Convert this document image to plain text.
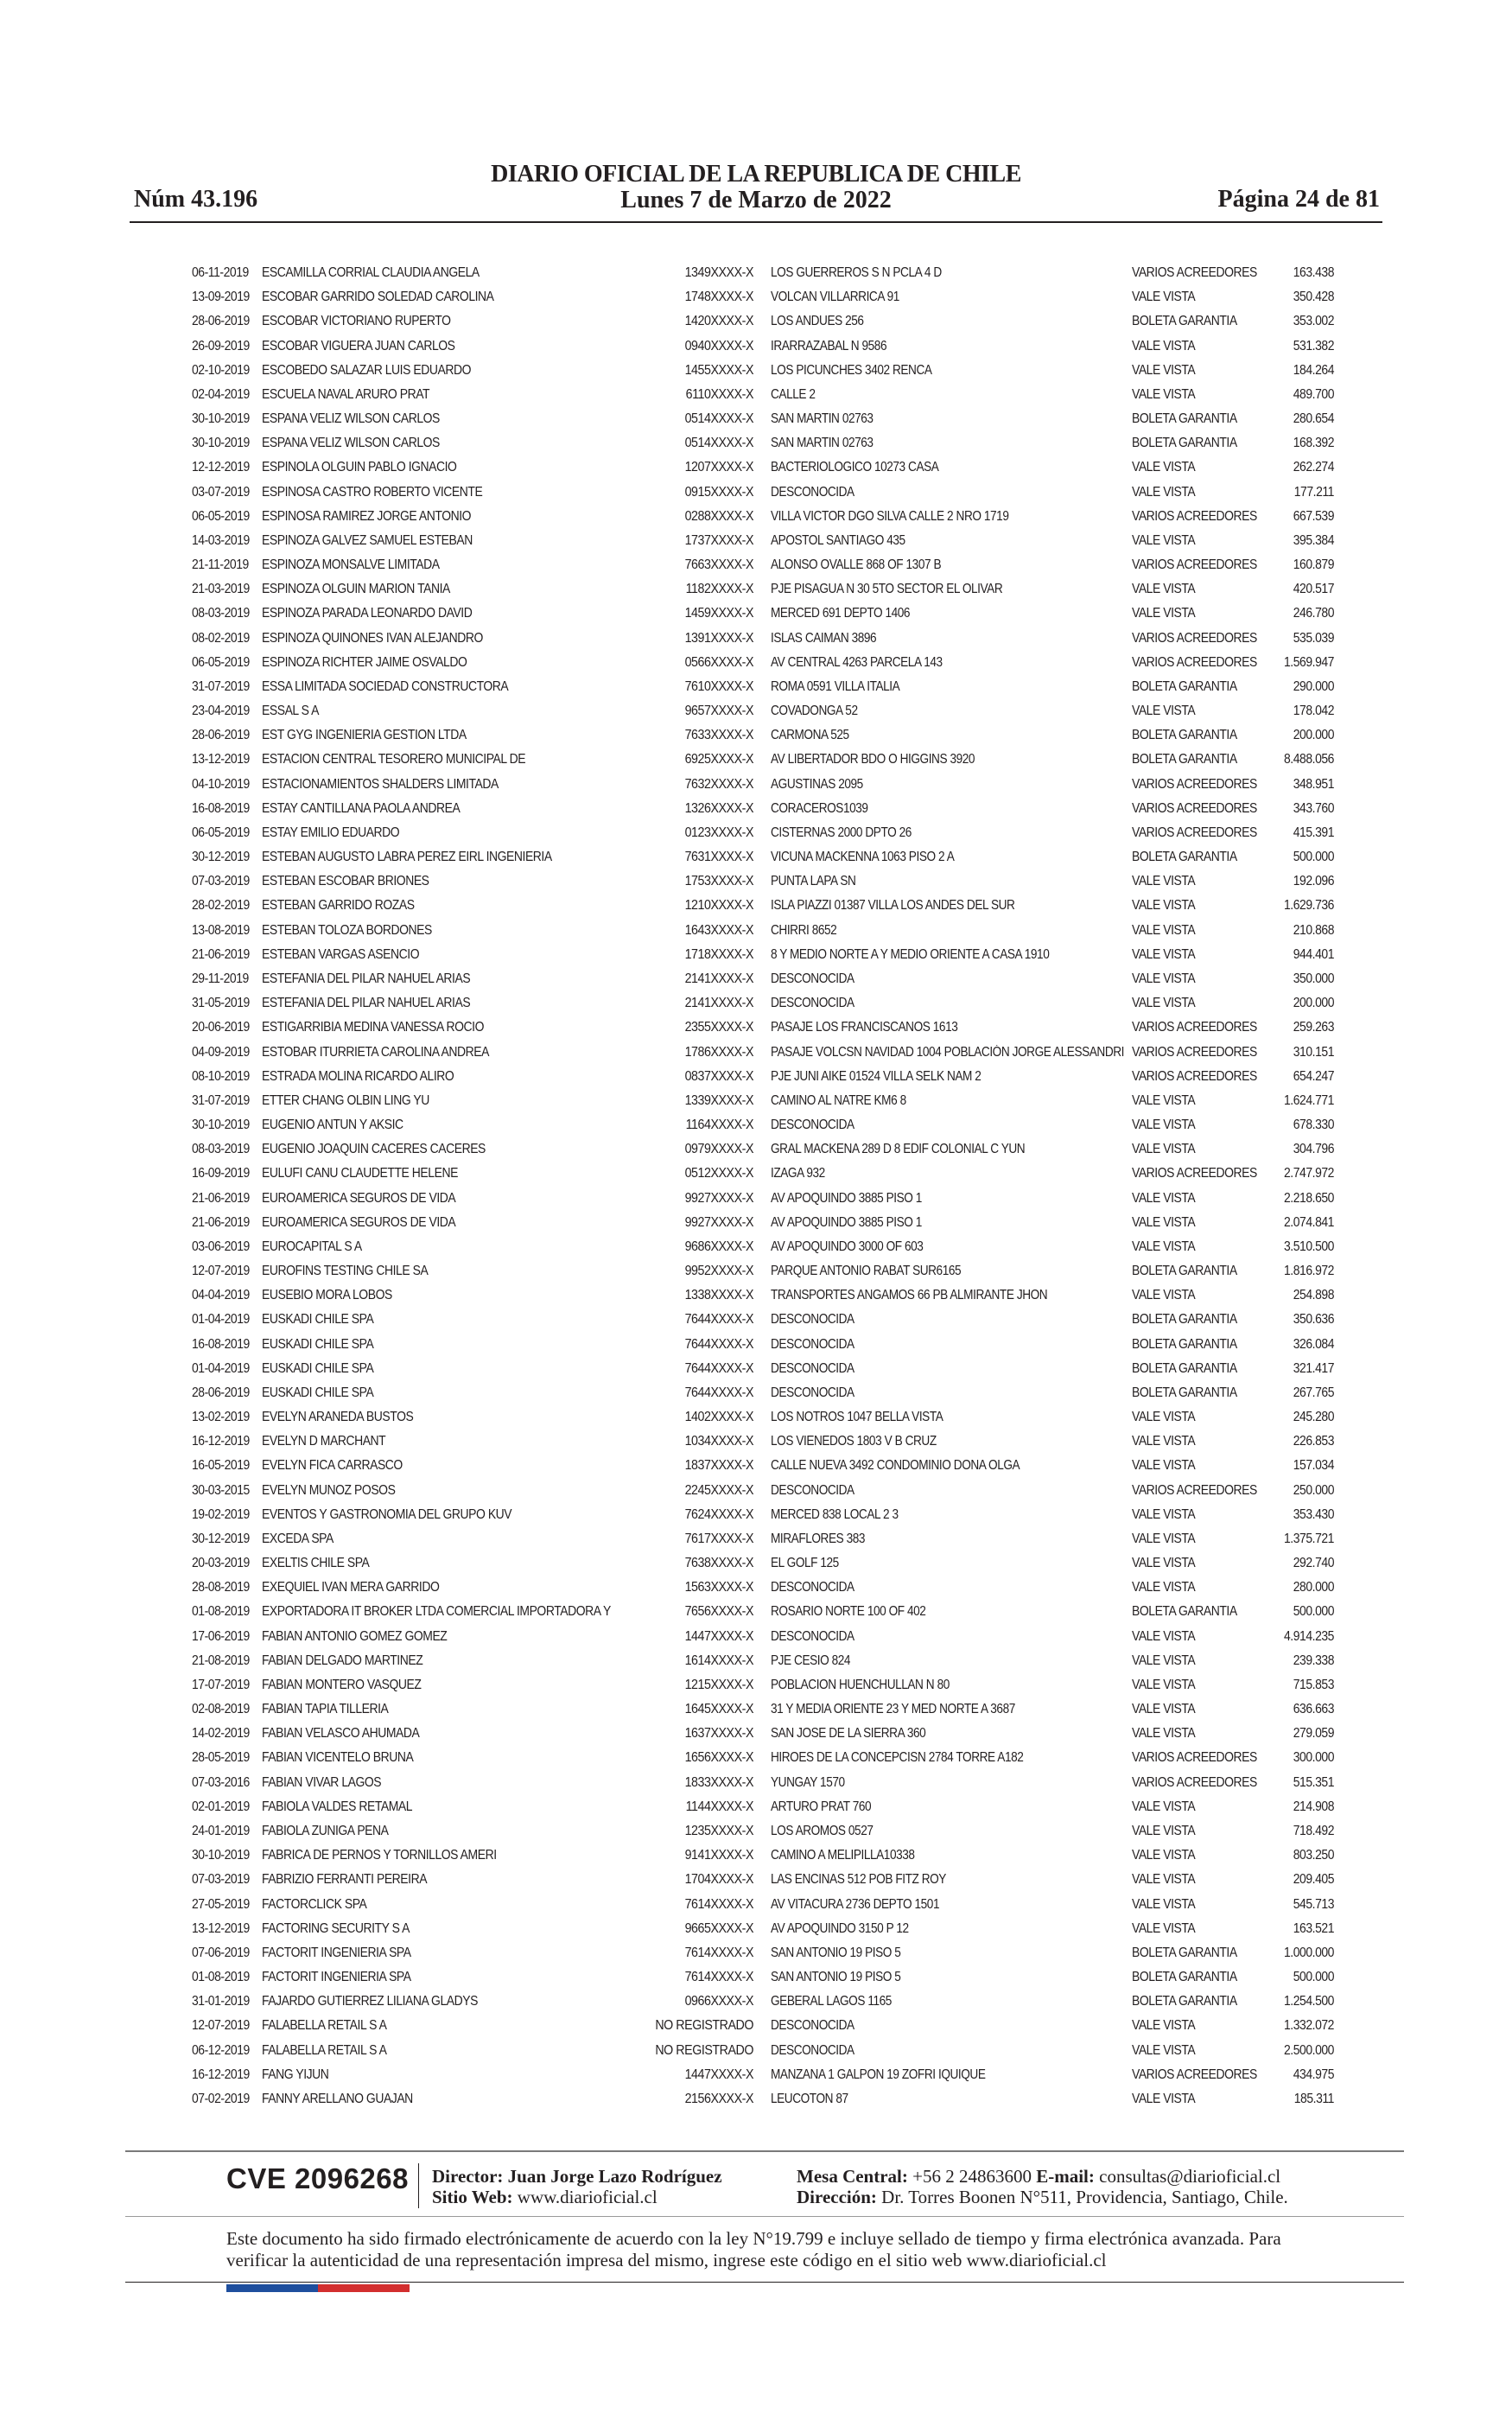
DIARIO OFICIAL DE LA REPUBLICA DE CHILE
Núm 43.196	Lunes 7 de Marzo de 2022	Página 24 de 81
06-11-2019 ESCAMILLA CORRIAL CLAUDIA ANGELA	1349XXXX-X LOS GUERREROS S N PCLA 4 D	VARIOS ACREEDORES	163.438
13-09-2019 ESCOBAR GARRIDO SOLEDAD CAROLINA	1748XXXX-X VOLCAN VILLARRICA 91	VALE VISTA	350.428
28-06-2019 ESCOBAR VICTORIANO RUPERTO	1420XXXX-X LOS ANDUES 256	BOLETA GARANTIA	353.002
26-09-2019 ESCOBAR VIGUERA JUAN CARLOS	0940XXXX-X IRARRAZABAL N 9586	VALE VISTA	531.382
02-10-2019 ESCOBEDO SALAZAR LUIS EDUARDO	1455XXXX-X LOS PICUNCHES 3402 RENCA	VALE VISTA	184.264
02-04-2019 ESCUELA NAVAL ARURO PRAT	6110XXXX-X CALLE 2	VALE VISTA	489.700
30-10-2019 ESPANA VELIZ WILSON CARLOS	0514XXXX-X SAN MARTIN 02763	BOLETA GARANTIA	280.654
30-10-2019 ESPANA VELIZ WILSON CARLOS	0514XXXX-X SAN MARTIN 02763	BOLETA GARANTIA	168.392
12-12-2019 ESPINOLA OLGUIN PABLO IGNACIO	1207XXXX-X BACTERIOLOGICO 10273 CASA	VALE VISTA	262.274
03-07-2019 ESPINOSA CASTRO ROBERTO VICENTE	0915XXXX-X DESCONOCIDA	VALE VISTA	177.211
06-05-2019 ESPINOSA RAMIREZ JORGE ANTONIO	0288XXXX-X VILLA VICTOR DGO SILVA CALLE 2 NRO 1719	VARIOS ACREEDORES	667.539
14-03-2019 ESPINOZA GALVEZ SAMUEL ESTEBAN	1737XXXX-X APOSTOL SANTIAGO 435	VALE VISTA	395.384
21-11-2019 ESPINOZA MONSALVE LIMITADA	7663XXXX-X ALONSO OVALLE 868 OF 1307 B	VARIOS ACREEDORES	160.879
21-03-2019 ESPINOZA OLGUIN MARION TANIA	1182XXXX-X PJE PISAGUA N 30 5TO SECTOR EL OLIVAR	VALE VISTA	420.517
08-03-2019 ESPINOZA PARADA LEONARDO DAVID	1459XXXX-X MERCED 691 DEPTO 1406	VALE VISTA	246.780
08-02-2019 ESPINOZA QUINONES IVAN ALEJANDRO	1391XXXX-X ISLAS CAIMAN 3896	VARIOS ACREEDORES	535.039
06-05-2019 ESPINOZA RICHTER JAIME OSVALDO	0566XXXX-X AV CENTRAL 4263 PARCELA 143	VARIOS ACREEDORES	1.569.947
31-07-2019 ESSA LIMITADA SOCIEDAD CONSTRUCTORA	7610XXXX-X ROMA 0591 VILLA ITALIA	BOLETA GARANTIA	290.000
23-04-2019 ESSAL S A	9657XXXX-X COVADONGA 52	VALE VISTA	178.042
28-06-2019 EST GYG INGENIERIA GESTION LTDA	7633XXXX-X CARMONA 525	BOLETA GARANTIA	200.000
13-12-2019 ESTACION CENTRAL TESORERO MUNICIPAL DE	6925XXXX-X AV LIBERTADOR BDO O HIGGINS 3920	BOLETA GARANTIA	8.488.056
04-10-2019 ESTACIONAMIENTOS SHALDERS LIMITADA	7632XXXX-X AGUSTINAS 2095	VARIOS ACREEDORES	348.951
16-08-2019 ESTAY CANTILLANA PAOLA ANDREA	1326XXXX-X CORACEROS1039	VARIOS ACREEDORES	343.760
06-05-2019 ESTAY EMILIO EDUARDO	0123XXXX-X CISTERNAS 2000 DPTO 26	VARIOS ACREEDORES	415.391
30-12-2019 ESTEBAN AUGUSTO LABRA PEREZ EIRL INGENIERIA	7631XXXX-X VICUNA MACKENNA 1063 PISO 2 A	BOLETA GARANTIA	500.000
07-03-2019 ESTEBAN ESCOBAR BRIONES	1753XXXX-X PUNTA LAPA SN	VALE VISTA	192.096
28-02-2019 ESTEBAN GARRIDO ROZAS	1210XXXX-X ISLA PIAZZI 01387 VILLA LOS ANDES DEL SUR	VALE VISTA	1.629.736
13-08-2019 ESTEBAN TOLOZA BORDONES	1643XXXX-X CHIRRI 8652	VALE VISTA	210.868
21-06-2019 ESTEBAN VARGAS ASENCIO	1718XXXX-X 8 Y MEDIO NORTE A Y MEDIO ORIENTE A CASA 1910	VALE VISTA	944.401
29-11-2019 ESTEFANIA DEL PILAR NAHUEL ARIAS	2141XXXX-X DESCONOCIDA	VALE VISTA	350.000
31-05-2019 ESTEFANIA DEL PILAR NAHUEL ARIAS	2141XXXX-X DESCONOCIDA	VALE VISTA	200.000
20-06-2019 ESTIGARRIBIA MEDINA VANESSA ROCIO	2355XXXX-X PASAJE LOS FRANCISCANOS 1613	VARIOS ACREEDORES	259.263
04-09-2019 ESTOBAR ITURRIETA CAROLINA ANDREA	1786XXXX-X PASAJE VOLCSN NAVIDAD 1004 POBLACIÓN JORGE ALESSANDRI VARIOS ACREEDORES	310.151
08-10-2019 ESTRADA MOLINA RICARDO ALIRO	0837XXXX-X PJE JUNI AIKE 01524 VILLA SELK NAM 2	VARIOS ACREEDORES	654.247
31-07-2019 ETTER CHANG OLBIN LING YU	1339XXXX-X CAMINO AL NATRE KM6 8	VALE VISTA	1.624.771
30-10-2019 EUGENIO ANTUN Y AKSIC	1164XXXX-X DESCONOCIDA	VALE VISTA	678.330
08-03-2019 EUGENIO JOAQUIN CACERES CACERES	0979XXXX-X GRAL MACKENA 289 D 8 EDIF COLONIAL C YUN	VALE VISTA	304.796
16-09-2019 EULUFI CANU CLAUDETTE HELENE	0512XXXX-X IZAGA 932	VARIOS ACREEDORES	2.747.972
21-06-2019 EUROAMERICA SEGUROS DE VIDA	9927XXXX-X AV APOQUINDO 3885 PISO 1	VALE VISTA	2.218.650
21-06-2019 EUROAMERICA SEGUROS DE VIDA	9927XXXX-X AV APOQUINDO 3885 PISO 1	VALE VISTA	2.074.841
03-06-2019 EUROCAPITAL S A	9686XXXX-X AV APOQUINDO 3000 OF 603	VALE VISTA	3.510.500
12-07-2019 EUROFINS TESTING CHILE SA	9952XXXX-X PARQUE ANTONIO RABAT SUR6165	BOLETA GARANTIA	1.816.972
04-04-2019 EUSEBIO MORA LOBOS	1338XXXX-X TRANSPORTES ANGAMOS 66 PB ALMIRANTE JHON	VALE VISTA	254.898
01-04-2019 EUSKADI CHILE SPA	7644XXXX-X DESCONOCIDA	BOLETA GARANTIA	350.636
16-08-2019 EUSKADI CHILE SPA	7644XXXX-X DESCONOCIDA	BOLETA GARANTIA	326.084
01-04-2019 EUSKADI CHILE SPA	7644XXXX-X DESCONOCIDA	BOLETA GARANTIA	321.417
28-06-2019 EUSKADI CHILE SPA	7644XXXX-X DESCONOCIDA	BOLETA GARANTIA	267.765
13-02-2019 EVELYN ARANEDA BUSTOS	1402XXXX-X LOS NOTROS 1047 BELLA VISTA	VALE VISTA	245.280
16-12-2019 EVELYN D MARCHANT	1034XXXX-X LOS VIENEDOS 1803 V B CRUZ	VALE VISTA	226.853
16-05-2019 EVELYN FICA CARRASCO	1837XXXX-X CALLE NUEVA 3492 CONDOMINIO DONA OLGA	VALE VISTA	157.034
30-03-2015 EVELYN MUNOZ POSOS	2245XXXX-X DESCONOCIDA	VARIOS ACREEDORES	250.000
19-02-2019 EVENTOS Y GASTRONOMIA DEL GRUPO KUV	7624XXXX-X MERCED 838 LOCAL 2 3	VALE VISTA	353.430
30-12-2019 EXCEDA SPA	7617XXXX-X MIRAFLORES 383	VALE VISTA	1.375.721
20-03-2019 EXELTIS CHILE SPA	7638XXXX-X EL GOLF 125	VALE VISTA	292.740
28-08-2019 EXEQUIEL IVAN MERA GARRIDO	1563XXXX-X DESCONOCIDA	VALE VISTA	280.000
01-08-2019 EXPORTADORA IT BROKER LTDA COMERCIAL IMPORTADORA Y	7656XXXX-X ROSARIO NORTE 100 OF 402	BOLETA GARANTIA	500.000
17-06-2019 FABIAN ANTONIO GOMEZ GOMEZ	1447XXXX-X DESCONOCIDA	VALE VISTA	4.914.235
21-08-2019 FABIAN DELGADO MARTINEZ	1614XXXX-X PJE CESIO 824	VALE VISTA	239.338
17-07-2019 FABIAN MONTERO VASQUEZ	1215XXXX-X POBLACION HUENCHULLAN N 80	VALE VISTA	715.853
02-08-2019 FABIAN TAPIA TILLERIA	1645XXXX-X 31 Y MEDIA ORIENTE 23 Y MED NORTE A 3687	VALE VISTA	636.663
14-02-2019 FABIAN VELASCO AHUMADA	1637XXXX-X SAN JOSE DE LA SIERRA 360	VALE VISTA	279.059
28-05-2019 FABIAN VICENTELO BRUNA	1656XXXX-X HIROES DE LA CONCEPCISN 2784 TORRE A182	VARIOS ACREEDORES	300.000
07-03-2016 FABIAN VIVAR LAGOS	1833XXXX-X YUNGAY 1570	VARIOS ACREEDORES	515.351
02-01-2019 FABIOLA VALDES RETAMAL	1144XXXX-X ARTURO PRAT 760	VALE VISTA	214.908
24-01-2019 FABIOLA ZUNIGA PENA	1235XXXX-X LOS AROMOS 0527	VALE VISTA	718.492
30-10-2019 FABRICA DE PERNOS Y TORNILLOS AMERI	9141XXXX-X CAMINO A MELIPILLA10338	VALE VISTA	803.250
07-03-2019 FABRIZIO FERRANTI PEREIRA	1704XXXX-X LAS ENCINAS 512 POB FITZ ROY	VALE VISTA	209.405
27-05-2019 FACTORCLICK SPA	7614XXXX-X AV VITACURA 2736 DEPTO 1501	VALE VISTA	545.713
13-12-2019 FACTORING SECURITY S A	9665XXXX-X AV APOQUINDO 3150 P 12	VALE VISTA	163.521
07-06-2019 FACTORIT INGENIERIA SPA	7614XXXX-X SAN ANTONIO 19 PISO 5	BOLETA GARANTIA	1.000.000
01-08-2019 FACTORIT INGENIERIA SPA	7614XXXX-X SAN ANTONIO 19 PISO 5	BOLETA GARANTIA	500.000
31-01-2019 FAJARDO GUTIERREZ LILIANA GLADYS	0966XXXX-X GEBERAL LAGOS 1165	BOLETA GARANTIA	1.254.500
12-07-2019 FALABELLA RETAIL S A	NO REGISTRADO DESCONOCIDA	VALE VISTA	1.332.072
06-12-2019 FALABELLA RETAIL S A	NO REGISTRADO DESCONOCIDA	VALE VISTA	2.500.000
16-12-2019 FANG YIJUN	1447XXXX-X MANZANA 1 GALPON 19 ZOFRI IQUIQUE	VARIOS ACREEDORES	434.975
07-02-2019 FANNY ARELLANO GUAJAN	2156XXXX-X LEUCOTON 87	VALE VISTA	185.311
CVE 2096268 Director: Juan Jorge Lazo Rodríguez
Sitio Web: www.diarioficial.cl
Mesa Central: +56 2 24863600 E-mail: consultas@diarioficial.cl
Dirección: Dr. Torres Boonen N°511, Providencia, Santiago, Chile.
Este documento ha sido firmado electrónicamente de acuerdo con la ley N°19.799 e incluye sellado de tiempo y firma electrónica avanzada. Para verificar la autenticidad de una representación impresa del mismo, ingrese este código en el sitio web www.diarioficial.cl
